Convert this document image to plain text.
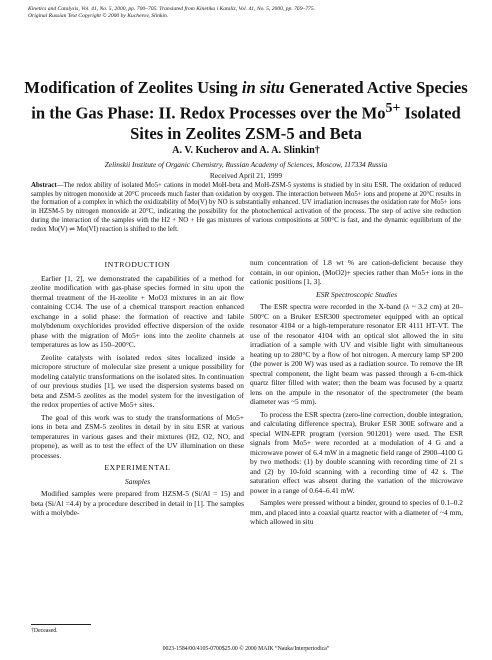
Kinetics and Catalysis, Vol. 41, No. 5, 2000, pp. 700–705. Translated from Kinetika i Kataliz, Vol. 41, No. 5, 2000, pp. 769–775.
Original Russian Text Copyright © 2000 by Kucherov, Slinkin.
Modification of Zeolites Using in situ Generated Active Species in the Gas Phase: II. Redox Processes over the $Mo^{5+}$ Isolated Sites in Zeolites ZSM-5 and Beta
A. V. Kucherov and A. A. Slinkin†
Zelinskii Institute of Organic Chemistry, Russian Academy of Sciences, Moscow, 117334 Russia
Received April 21, 1999
Abstract—The redox ability of isolated Mo5+ cations in model MoH-beta and MoH-ZSM-5 systems is studied by in situ ESR. The oxidation of reduced samples by nitrogen monoxide at 20°C proceeds much faster than oxidation by oxygen. The interaction between Mo5+ ions and propene at 20°C results in the formation of a complex in which the oxidizability of Mo(V) by NO is substantially enhanced. UV irradiation increases the oxidation rate for Mo5+ ions in HZSM-5 by nitrogen monoxide at 20°C, indicating the possibility for the photochemical activation of the process. The step of active site reduction during the interaction of the samples with the H2 + NO + He gas mixtures of various compositions at 500°C is fast, and the dynamic equilibrium of the redox Mo(V) ⇌ Mo(VI) reaction is shifted to the left.
INTRODUCTION

Earlier [1, 2], we demonstrated the capabilities of a method for zeolite modification with gas-phase species formed in situ upon the thermal treatment of the H-zeolite + MoO3 mixtures in an air flow containing CCl4. The use of a chemical transport reaction enhanced exchange in a solid phase: the formation of reactive and labile molybdenum oxychlorides provided effective dispersion of the oxide phase with the migration of Mo5+ ions into the zeolite channels at temperatures as low as 150–200°C.

Zeolite catalysts with isolated redox sites localized inside a micropore structure of molecular size present a unique possibility for modeling catalytic transformations on the isolated sites. In continuation of our previous studies [1], we used the dispersion systems based on beta and ZSM-5 zeolites as the model system for the investigation of the redox properties of active Mo5+ sites.

The goal of this work was to study the transformations of Mo5+ ions in beta and ZSM-5 zeolites in detail by in situ ESR at various temperatures in various gases and their mixtures (H2, O2, NO, and propene), as well as to test the effect of the UV illumination on these processes.

EXPERIMENTAL
Samples

Modified samples were prepared from HZSM-5 (Si/Al = 15) and beta (Si/Al =4.4) by a procedure described in detail in [1]. The samples with a molybde-

num concentration of 1.8 wt % are cation-deficient because they contain, in our opinion, (MoO2)+ species rather than Mo5+ ions in the cationic positions [1, 3].

ESR Spectroscopic Studies

The ESR spectra were recorded in the X-band (λ ~ 3.2 cm) at 20–500°C on a Bruker ESR300 spectrometer equipped with an optical resonator 4104 or a high-temperature resonator ER 4111 HT-VT. The use of the resonator 4104 with an optical slot allowed the in situ irradiation of a sample with UV and visible light with simultaneous heating up to 280°C by a flow of hot nitrogen. A mercury lamp SP 200 (the power is 200 W) was used as a radiation source. To remove the IR spectral component, the light beam was passed through a 6-cm-thick quartz filter filled with water; then the beam was focused by a quartz lens on the ampule in the resonator of the spectrometer (the beam diameter was ~5 mm).

To process the ESR spectra (zero-line correction, double integration, and calculating difference spectra), Bruker ESR 300E software and a special WIN-EPR program (version 901201) were used. The ESR signals from Mo5+ were recorded at a modulation of 4 G and a microwave power of 6.4 mW in a magnetic field range of 2900–4100 G by two methods: (1) by double scanning with recording time of 21 s and (2) by 10-fold scanning with a recording time of 42 s. The saturation effect was absent during the variation of the microwave power in a range of 0.64–6.41 mW.

Samples were pressed without a binder, ground to species of 0.1–0.2 mm, and placed into a coaxial quartz reactor with a diameter of ~4 mm, which allowed in situ

†Deceased.
0023-1584/00/4105-0700$25.00 © 2000 MAIK “Nauka/Interperiodica”
